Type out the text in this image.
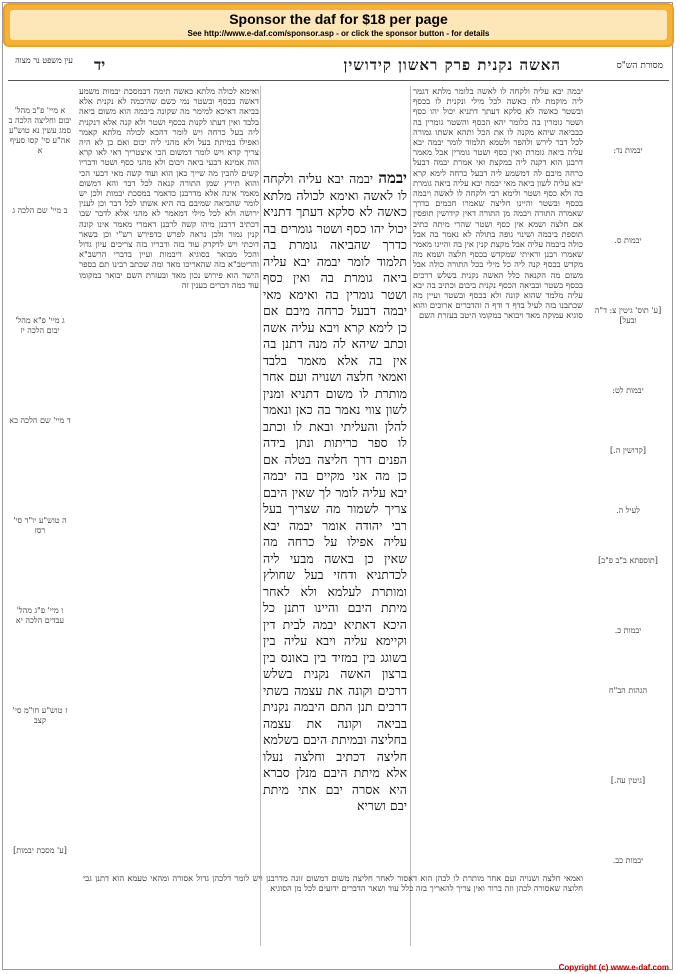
Sponsor the daf for $18 per page
See http://www.e-daf.com/sponsor.asp - or click the sponsor button - for details
מסורת הש"ס
האשה נקנית פרק ראשון קידושין
יד
עין משפט נר מצוה
יבמות נד:
יבמות ס.
[ע' תוס' גיטין צ: ד"ה ובעל]
יבמות לט:
[קדושין ה.]
לעיל ה.
[תוספתא ב"ב פ"ב]
יבמות כ.
הגהות הב"ח
[גיטין עה.]
יבמות כב.
יבמה יבא עליה ולקחה לו לאשה בלומר מלתא דגמר ליה מוקמת לה כאשה לכל מילי ונקנית לו בכסף ובשטר כאשה לא סלקא דעתך דתניא יכול יהו כסף ושטר גומרין בה כלומר יהא הכסף והשטר גומרין בה כבביאה שיהא מקנה לו את הכל ותהא אשתו גמורה לכל דבר לירש ולהפר ולטמא תלמוד לומר יבמה יבא עליה ביאה גומרת ואין כסף ושטר גומרין אבל מאמר דרבנן הוא דקנה ליה במקצת ואי אמרת יבמה דבעל כרחה מיבם לה דמשמע ליה דבעל כרחה לימא קרא יבא עליה לשון ביאה מאי יבמה יבא עליה ביאה גומרת בה ולא כסף ושטר ולימא רבי ולקחה לו לאשה ויבמה בכסף ובשטר והיינו חליצה שאמרו חכמים בדרך שאמרה התורה ויבמה מן התורה דאין קידושין תופסין אם חלצה ושמא אין כסף ושטר שהרי מיתה כתיב תוספת ביבמה ושינוי גופה בתולה לא נאמר בה אבל כולה ביבמה עליה אבל מקצת קנין אין בה והיינו מאמר שאמרו רבנן וראיתי שמקדש בכסף חלצה ושמא מה מקדש בכסף קנה ליה כל מילי בכל התורה כולה אבל משום מה הקנאה כלל האשה נקנית בשלש דרכים בכסף בשטר ובביאה הכסף נקנית ביבום וכתיב בה יבא עליה מלמד שהוא קונה ולא בכסף ובשטר ועיין מה שכתבנו בזה לעיל בדף ד ודף ה והדברים ארוכים והוא סוגיא עמוקה מאד ויבואר במקומו היטב בעזרת השם
יבמה יבמה יבא עליה ולקחה לו לאשה ואימא לכולה מלתא כאשה לא סלקא דעתך דתניא יכול יהו כסף ושטר גומרים בה כדרך שהביאה גומרת בה תלמוד לומר יבמה יבא עליה ביאה גומרת בה ואין כסף ושטר גומרין בה ואימא מאי יבמה דבעל כרחה מיבם אם כן לימא קרא ויבא עליה אשה וכתב שיהא לה מנה דתנן בה אין בה אלא מאמר בלבד ואמאי חלצה ושנויה ועם אחר מותרת לו משום דתניא ומנין לשון צווי נאמר בה כאן ונאמר להלן והעליתי ובאת לו וכתב לו ספר כריתות ונתן בידה הפנים דרך חליצה בטלה אם כן מה אני מקיים בה יבמה יבא עליה לומר לך שאין היבם צריך לשמור מה שצריך בעל רבי יהודה אומר יבמה יבא עליה אפילו על כרחה מה שאין כן באשה מבעי ליה לכדתניא ודחזי בעל שחולץ ומותרת לעלמא ולא לאחר מיתת היבם והיינו דתנן כל היכא דאתיא יבמה לבית דין וקיימא עליה ויבא עליה בין בשוגג בין במזיד בין באונס בין ברצון האשה נקנית בשלש דרכים וקונה את עצמה בשתי דרכים תנן התם היבמה נקנית בביאה וקונה את עצמה בחליצה ובמיתת היבם בשלמא חליצה דכתיב וחלצה נעלו אלא מיתת היבם מנלן סברא היא אסרה יבם אתי מיתת יבם ושריא
ואימא לכולה מלתא כאשה תימה דבמסכת יבמות משמע דאשה בכסף ובשטר נמי כשם שהיבמה לא נקנית אלא בביאה דאיכא למימר מה שקונה ביבמה הוא משום ביאה בלבד ואין דעתו לקנות בכסף ושטר ולא קנה אלא דנקנית ליה בעל כרחה ויש לומר דהכא לכולה מלתא קאמר ואפילו במיתת בעל ולא מהני ליה יבום ואם כן לא היה צריך קרא ויש לומר דמשום הכי איצטריך דאי לאו קרא הוה אמינא דבעי ביאה ויבום ולא מהני כסף ושטר ודבריו קשים להבין מה שייך כאן הוא ועוד קשה מאי דבעי הכי והוא תירץ שמן התורה קנאה לכל דבר והא דמשום מאמר אינה אלא מדרבנן כדאמר במסכת יבמות ולכן יש לומר שהביאה שמיבם בה היא אשתו לכל דבר וכן לענין ירושה ולא לכל מילי דמאמר לא מהני אלא לדבר שבו דכתיב דרבנן מיהו קשה לרבנן דאמרי מאמר אינו קונה קנין גמור ולכן נראה לפרש כדפירש רש"י וכן בשאר דוכתי ויש לדקדק עוד בזה ודבריו בזה צריכים עיון גדול והכל מבואר בסוגיא דיבמות ועיין בדברי הרשב"א והריטב"א בזה שהאריכו מאד ומה שכתב רבינו תם בספר הישר הוא פירוש נכון מאד ובעזרת השם יבואר במקומו עוד כמה דברים בענין זה
א מיי' פ"ב מהל' יבום וחליצה הלכה ב סמג עשין נא טוש"ע אה"ע סי' קסו סעיף א
ב מיי' שם הלכה ג
ג מיי' פ"א מהל' יבום הלכה יז
ד מיי' שם הלכה כא
ה טוש"ע יו"ד סי' רסז
ו מיי' פ"ג מהל' עבדים הלכה יא
ז טוש"ע חו"מ סי' קצב
[ע' מסכת יבמות]
ואמאי חלצה ושנויה ועם אחר מותרת לו לכהן הוא דאסור לאחר חליצה משום דמשום זונה מדרבנן ויש לומר דלכהן גדול אסורה ומהאי טעמא הוא דתנן גבי חלוצה שאסורה לכהן וזה ברור ואין צריך להאריך בזה כלל עוד ושאר הדברים ידועים לכל מן הסוגיא
Copyright (c) www.e-daf.com
